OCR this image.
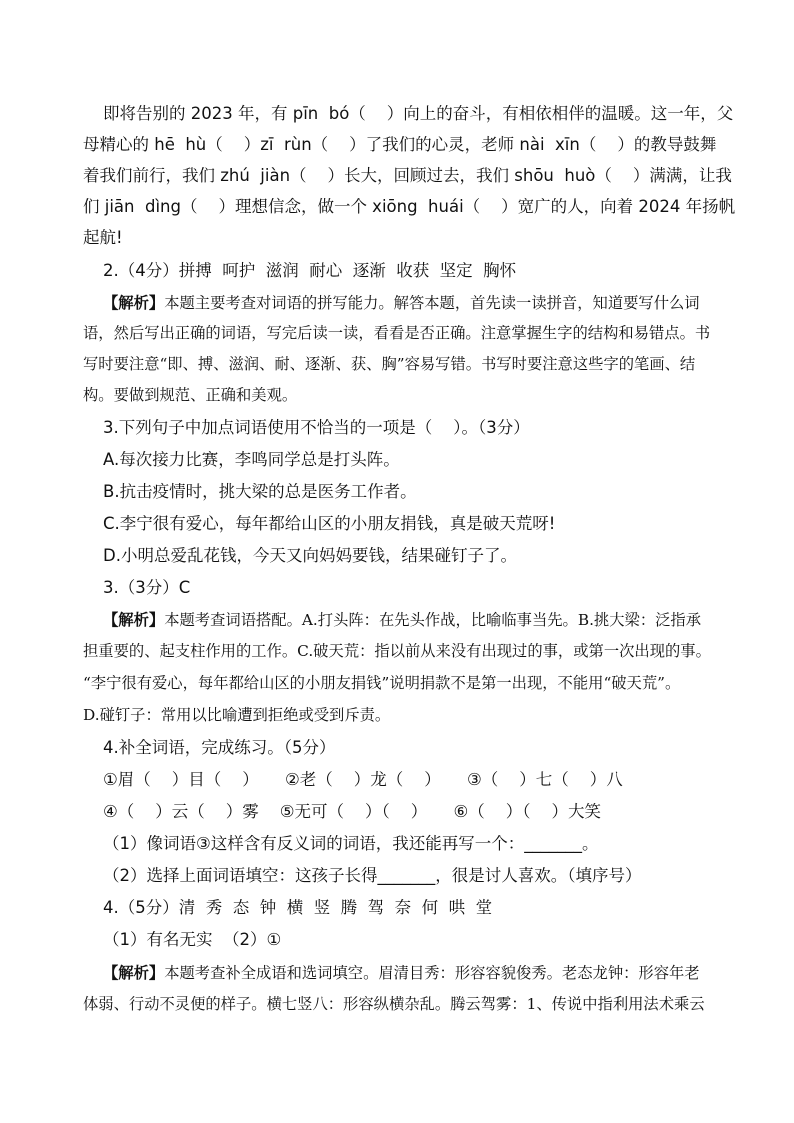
即将告别的 2023 年，有 pīn  bó（    ）向上的奋斗，有相依相伴的温暖。这一年，父
母精心的 hē  hù（    ）zī  rùn（    ）了我们的心灵，老师 nài  xīn（    ）的教导鼓舞
着我们前行，我们 zhú  jiàn（    ）长大，回顾过去，我们 shōu  huò（    ）满满，让我
们 jiān  dìng（    ）理想信念，做一个 xiōng  huái（    ）宽广的人，向着 2024 年扬帆
起航!
2.（4分）拼搏  呵护  滋润  耐心  逐渐  收获  坚定  胸怀
【解析】本题主要考查对词语的拼写能力。解答本题，首先读一读拼音，知道要写什么词
语，然后写出正确的词语，写完后读一读，看看是否正确。注意掌握生字的结构和易错点。书
写时要注意“即、搏、滋润、耐、逐渐、获、胸”容易写错。书写时要注意这些字的笔画、结
构。要做到规范、正确和美观。
3.下列句子中加点词语使用不恰当的一项是（    ）。（3分）
A.每次接力比赛，李鸣同学总是打头阵。
B.抗击疫情时，挑大梁的总是医务工作者。
C.李宁很有爱心，每年都给山区的小朋友捐钱，真是破天荒呀!
D.小明总爱乱花钱，今天又向妈妈要钱，结果碰钉子了。
3.（3分）C
【解析】本题考查词语搭配。A.打头阵：在先头作战，比喻临事当先。B.挑大梁：泛指承
担重要的、起支柱作用的工作。C.破天荒：指以前从来没有出现过的事，或第一次出现的事。
“李宁很有爱心，每年都给山区的小朋友捐钱”说明捐款不是第一出现，不能用“破天荒”。
D.碰钉子：常用以比喻遭到拒绝或受到斥责。
4.补全词语，完成练习。（5分）
①眉（    ）目（    ）     ②老（    ）龙（    ）     ③（    ）七（    ）八
④（    ）云（    ）雾    ⑤无可（    ）（    ）     ⑥（    ）（    ）大笑
（1）像词语③这样含有反义词的词语，我还能再写一个：_______。
（2）选择上面词语填空：这孩子长得_______，很是讨人喜欢。（填序号）
4.（5分）清  秀  态  钟  横  竖  腾  驾  奈  何  哄  堂
（1）有名无实  （2）①
【解析】本题考查补全成语和选词填空。眉清目秀：形容容貌俊秀。老态龙钟：形容年老
体弱、行动不灵便的样子。横七竖八：形容纵横杂乱。腾云驾雾：1、传说中指利用法术乘云
